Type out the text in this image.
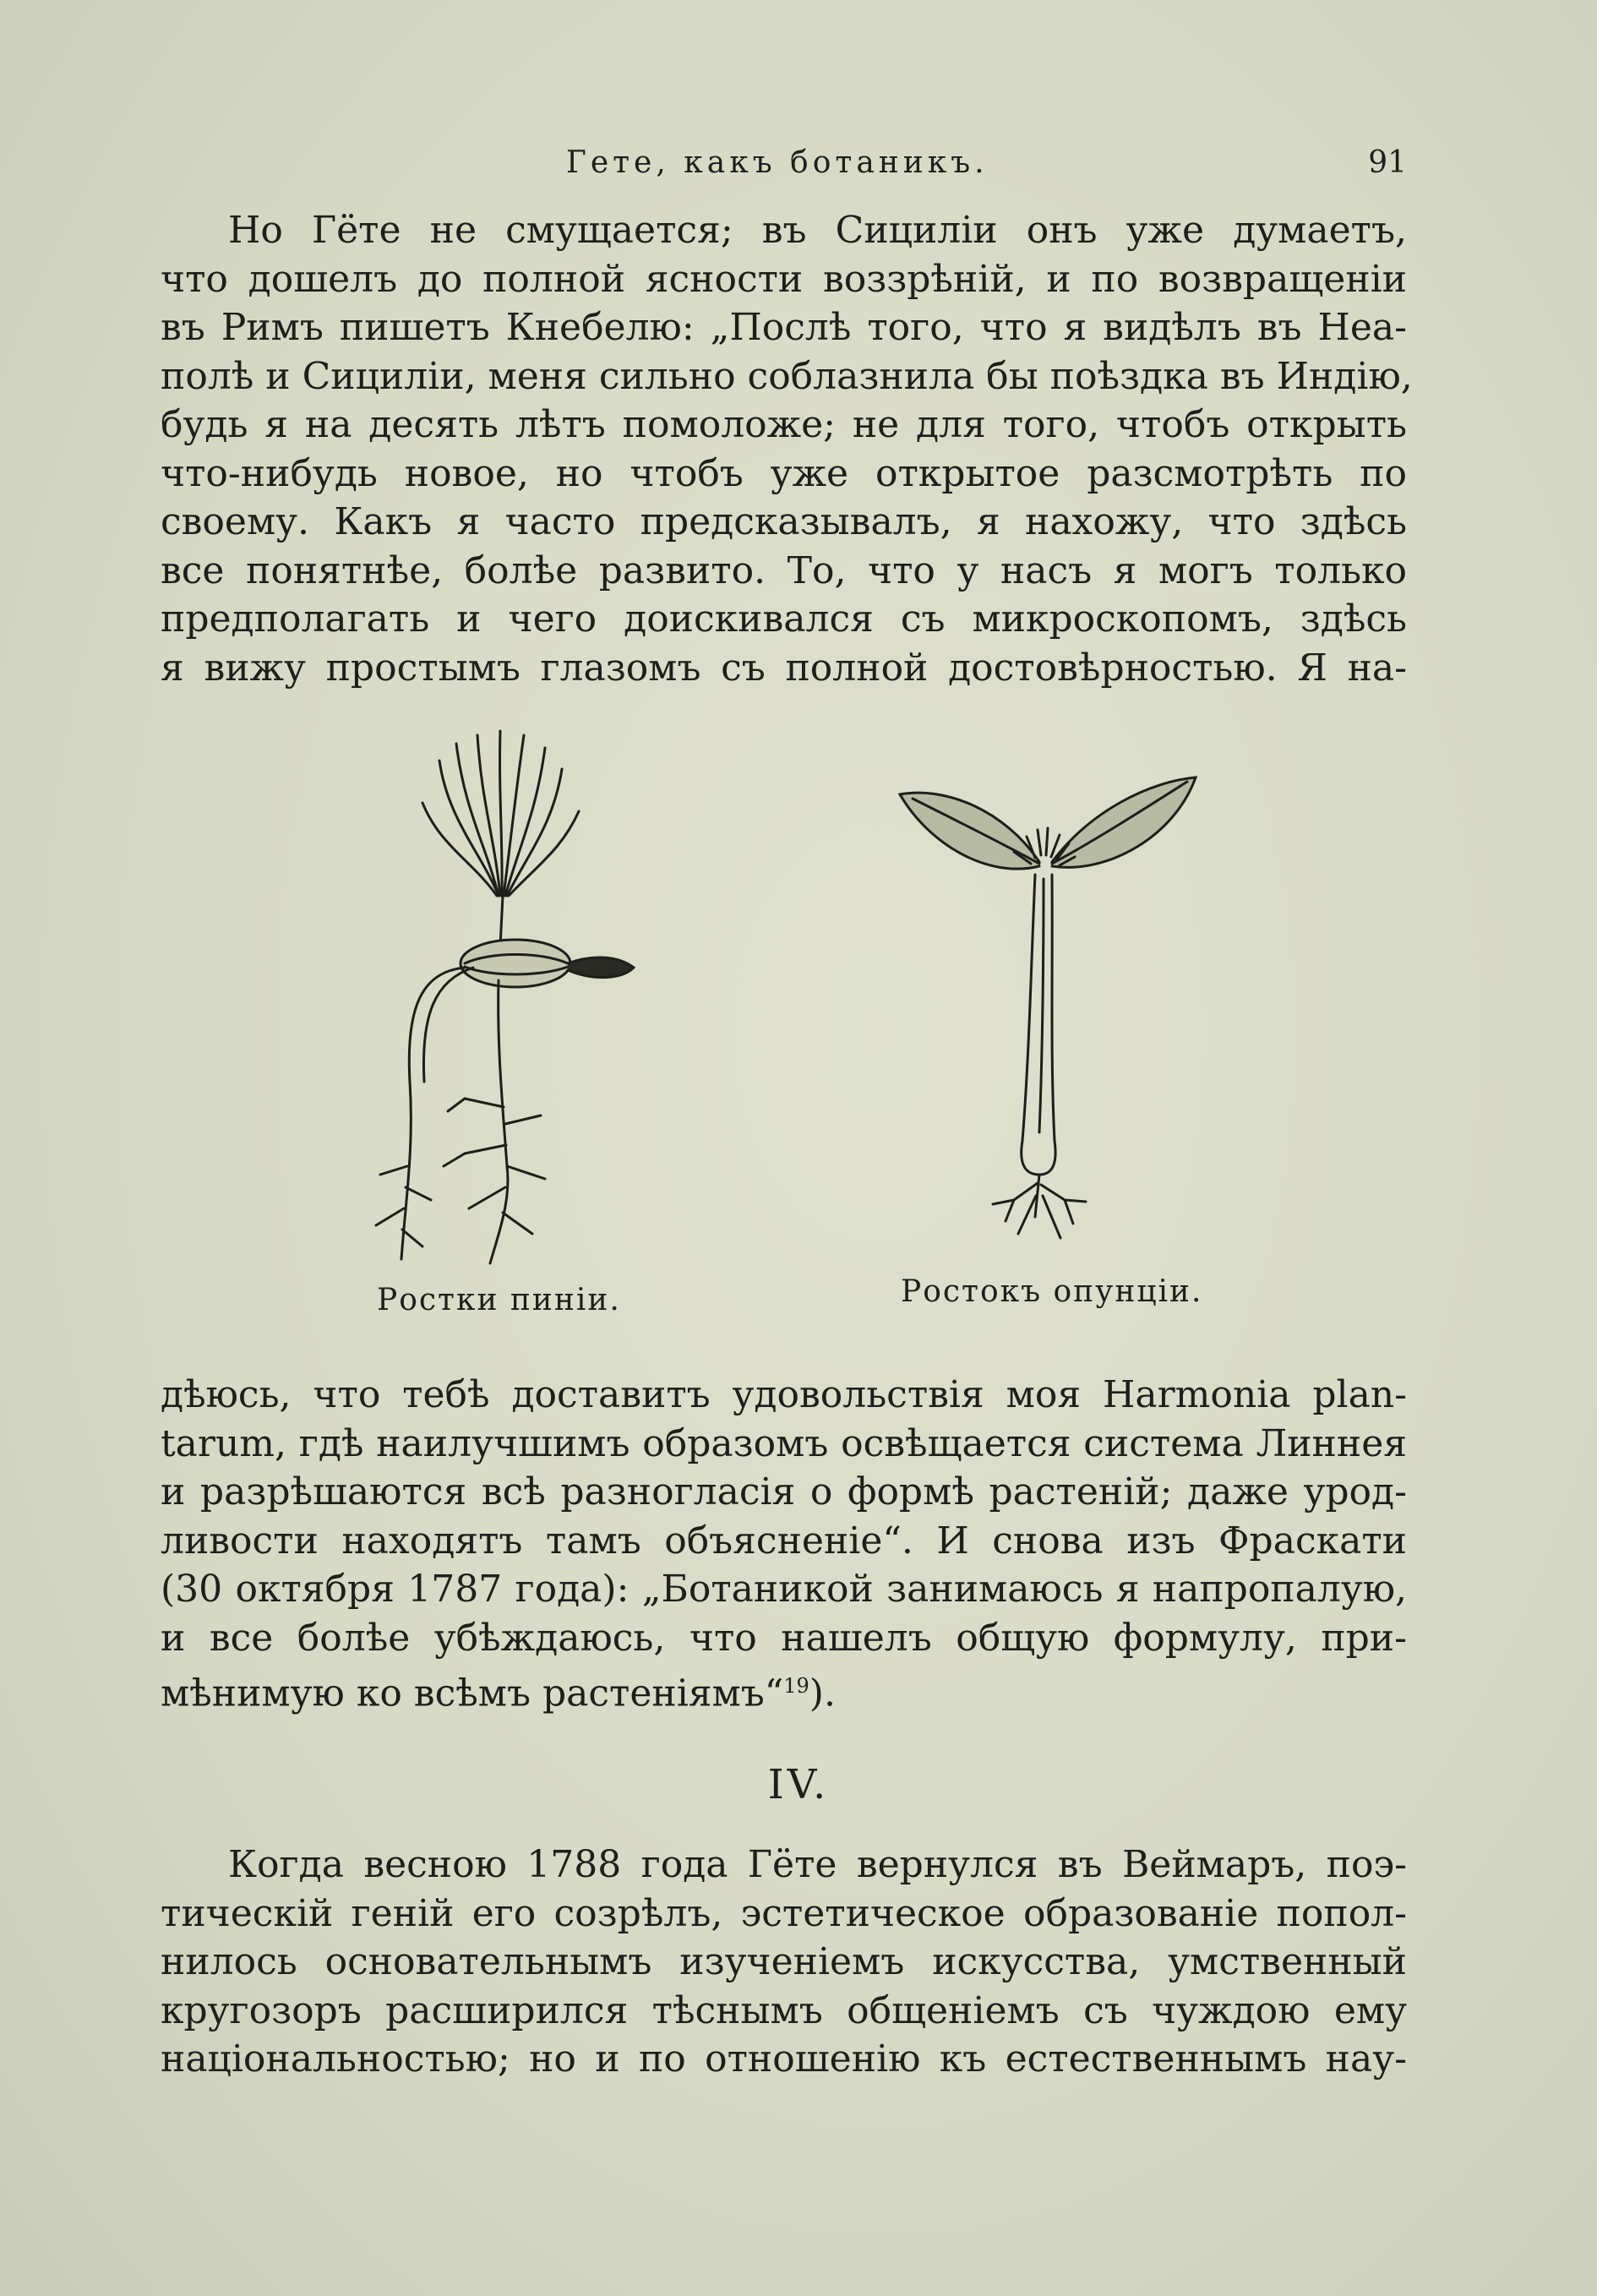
Гете, какъ ботаникъ.	91
Но Гёте не смущается; въ Сициліи онъ уже думаетъ,
что дошелъ до полной ясности воззрѣній, и по возвращеніи
въ Римъ пишетъ Кнебелю: „Послѣ того, что я видѣлъ въ Неа-
полѣ и Сициліи, меня сильно соблазнила бы поѣздка въ Индію,
будь я на десять лѣтъ помоложе; не для того, чтобъ открыть
что-нибудь новое, но чтобъ уже открытое разсмотрѣть по
своему. Какъ я часто предсказывалъ, я нахожу, что здѣсь
все понятнѣе, болѣе развито. То, что у насъ я могъ только
предполагать и чего доискивался съ микроскопомъ, здѣсь
я вижу простымъ глазомъ съ полной достовѣрностью. Я на-
Ростки пиніи.	Ростокъ опунціи.
дѣюсь, что тебѣ доставитъ удовольствія моя Harmonia plan-
tarum, гдѣ наилучшимъ образомъ освѣщается система Линнея
и разрѣшаются всѣ разногласія о формѣ растеній; даже урод-
ливости находятъ тамъ объясненіе“. И снова изъ Фраскати
(30 октября 1787 года): „Ботаникой занимаюсь я напропалую,
и все болѣе убѣждаюсь, что нашелъ общую формулу, при-
мѣнимую ко всѣмъ растеніямъ“$^{19}$).
IV.
Когда весною 1788 года Гёте вернулся въ Веймаръ, поэ-
тическій геній его созрѣлъ, эстетическое образованіе попол-
нилось основательнымъ изученіемъ искусства, умственный
кругозоръ расширился тѣснымъ общеніемъ съ чуждою ему
національностью; но и по отношенію къ естественнымъ нау-
